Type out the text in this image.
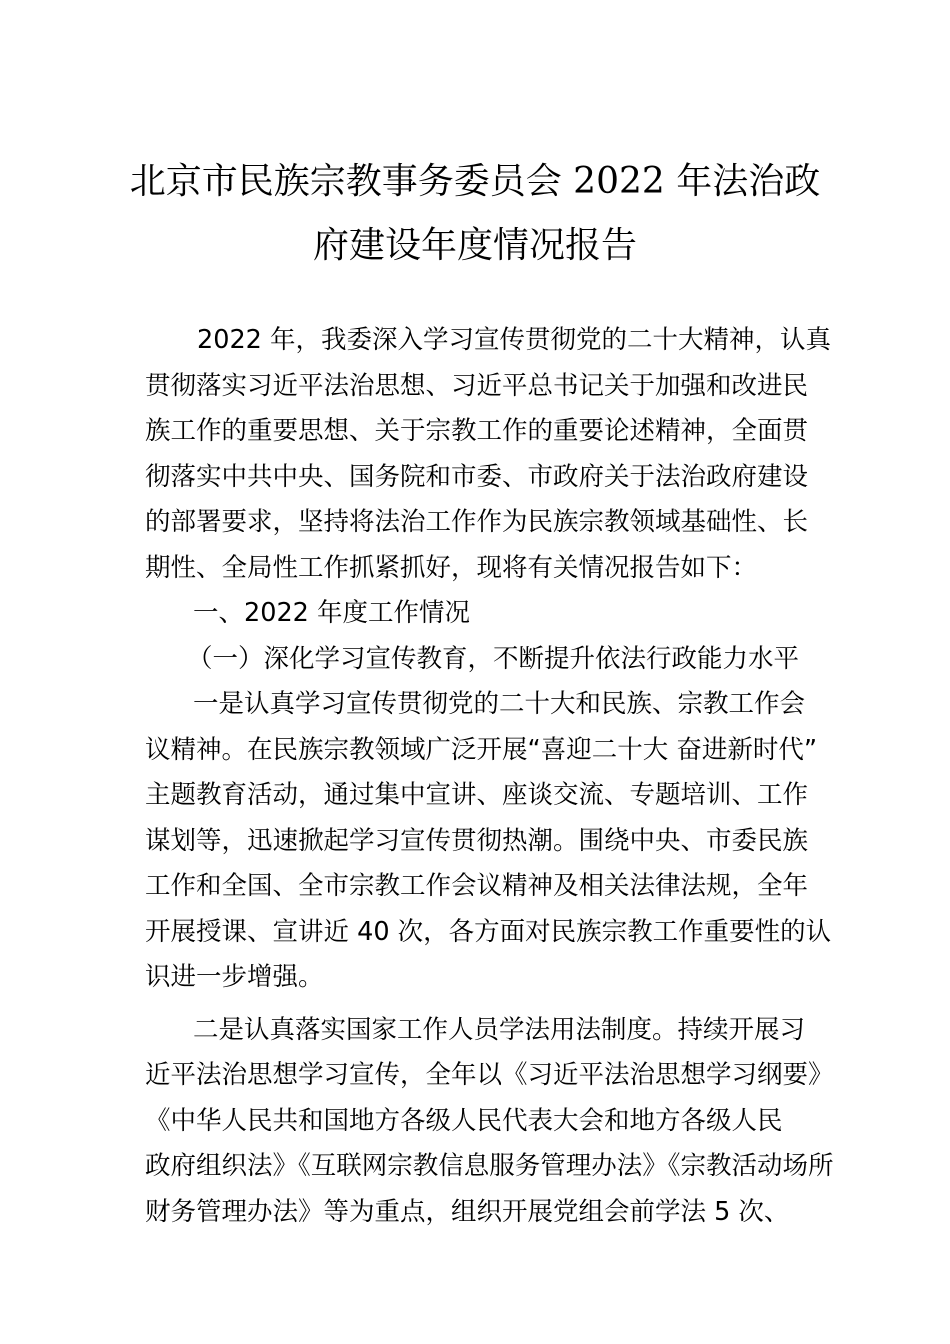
北京市民族宗教事务委员会 2022 年法治政
府建设年度情况报告
2022 年，我委深入学习宣传贯彻党的二十大精神，认真
贯彻落实习近平法治思想、习近平总书记关于加强和改进民
族工作的重要思想、关于宗教工作的重要论述精神，全面贯
彻落实中共中央、国务院和市委、市政府关于法治政府建设
的部署要求，坚持将法治工作作为民族宗教领域基础性、长
期性、全局性工作抓紧抓好，现将有关情况报告如下：
一、2022 年度工作情况
（一）深化学习宣传教育，不断提升依法行政能力水平
一是认真学习宣传贯彻党的二十大和民族、宗教工作会
议精神。在民族宗教领域广泛开展“喜迎二十大 奋进新时代”
主题教育活动，通过集中宣讲、座谈交流、专题培训、工作
谋划等，迅速掀起学习宣传贯彻热潮。围绕中央、市委民族
工作和全国、全市宗教工作会议精神及相关法律法规，全年
开展授课、宣讲近 40 次，各方面对民族宗教工作重要性的认
识进一步增强。
二是认真落实国家工作人员学法用法制度。持续开展习
近平法治思想学习宣传，全年以《习近平法治思想学习纲要》
《中华人民共和国地方各级人民代表大会和地方各级人民
政府组织法》《互联网宗教信息服务管理办法》《宗教活动场所
财务管理办法》等为重点，组织开展党组会前学法 5 次、
